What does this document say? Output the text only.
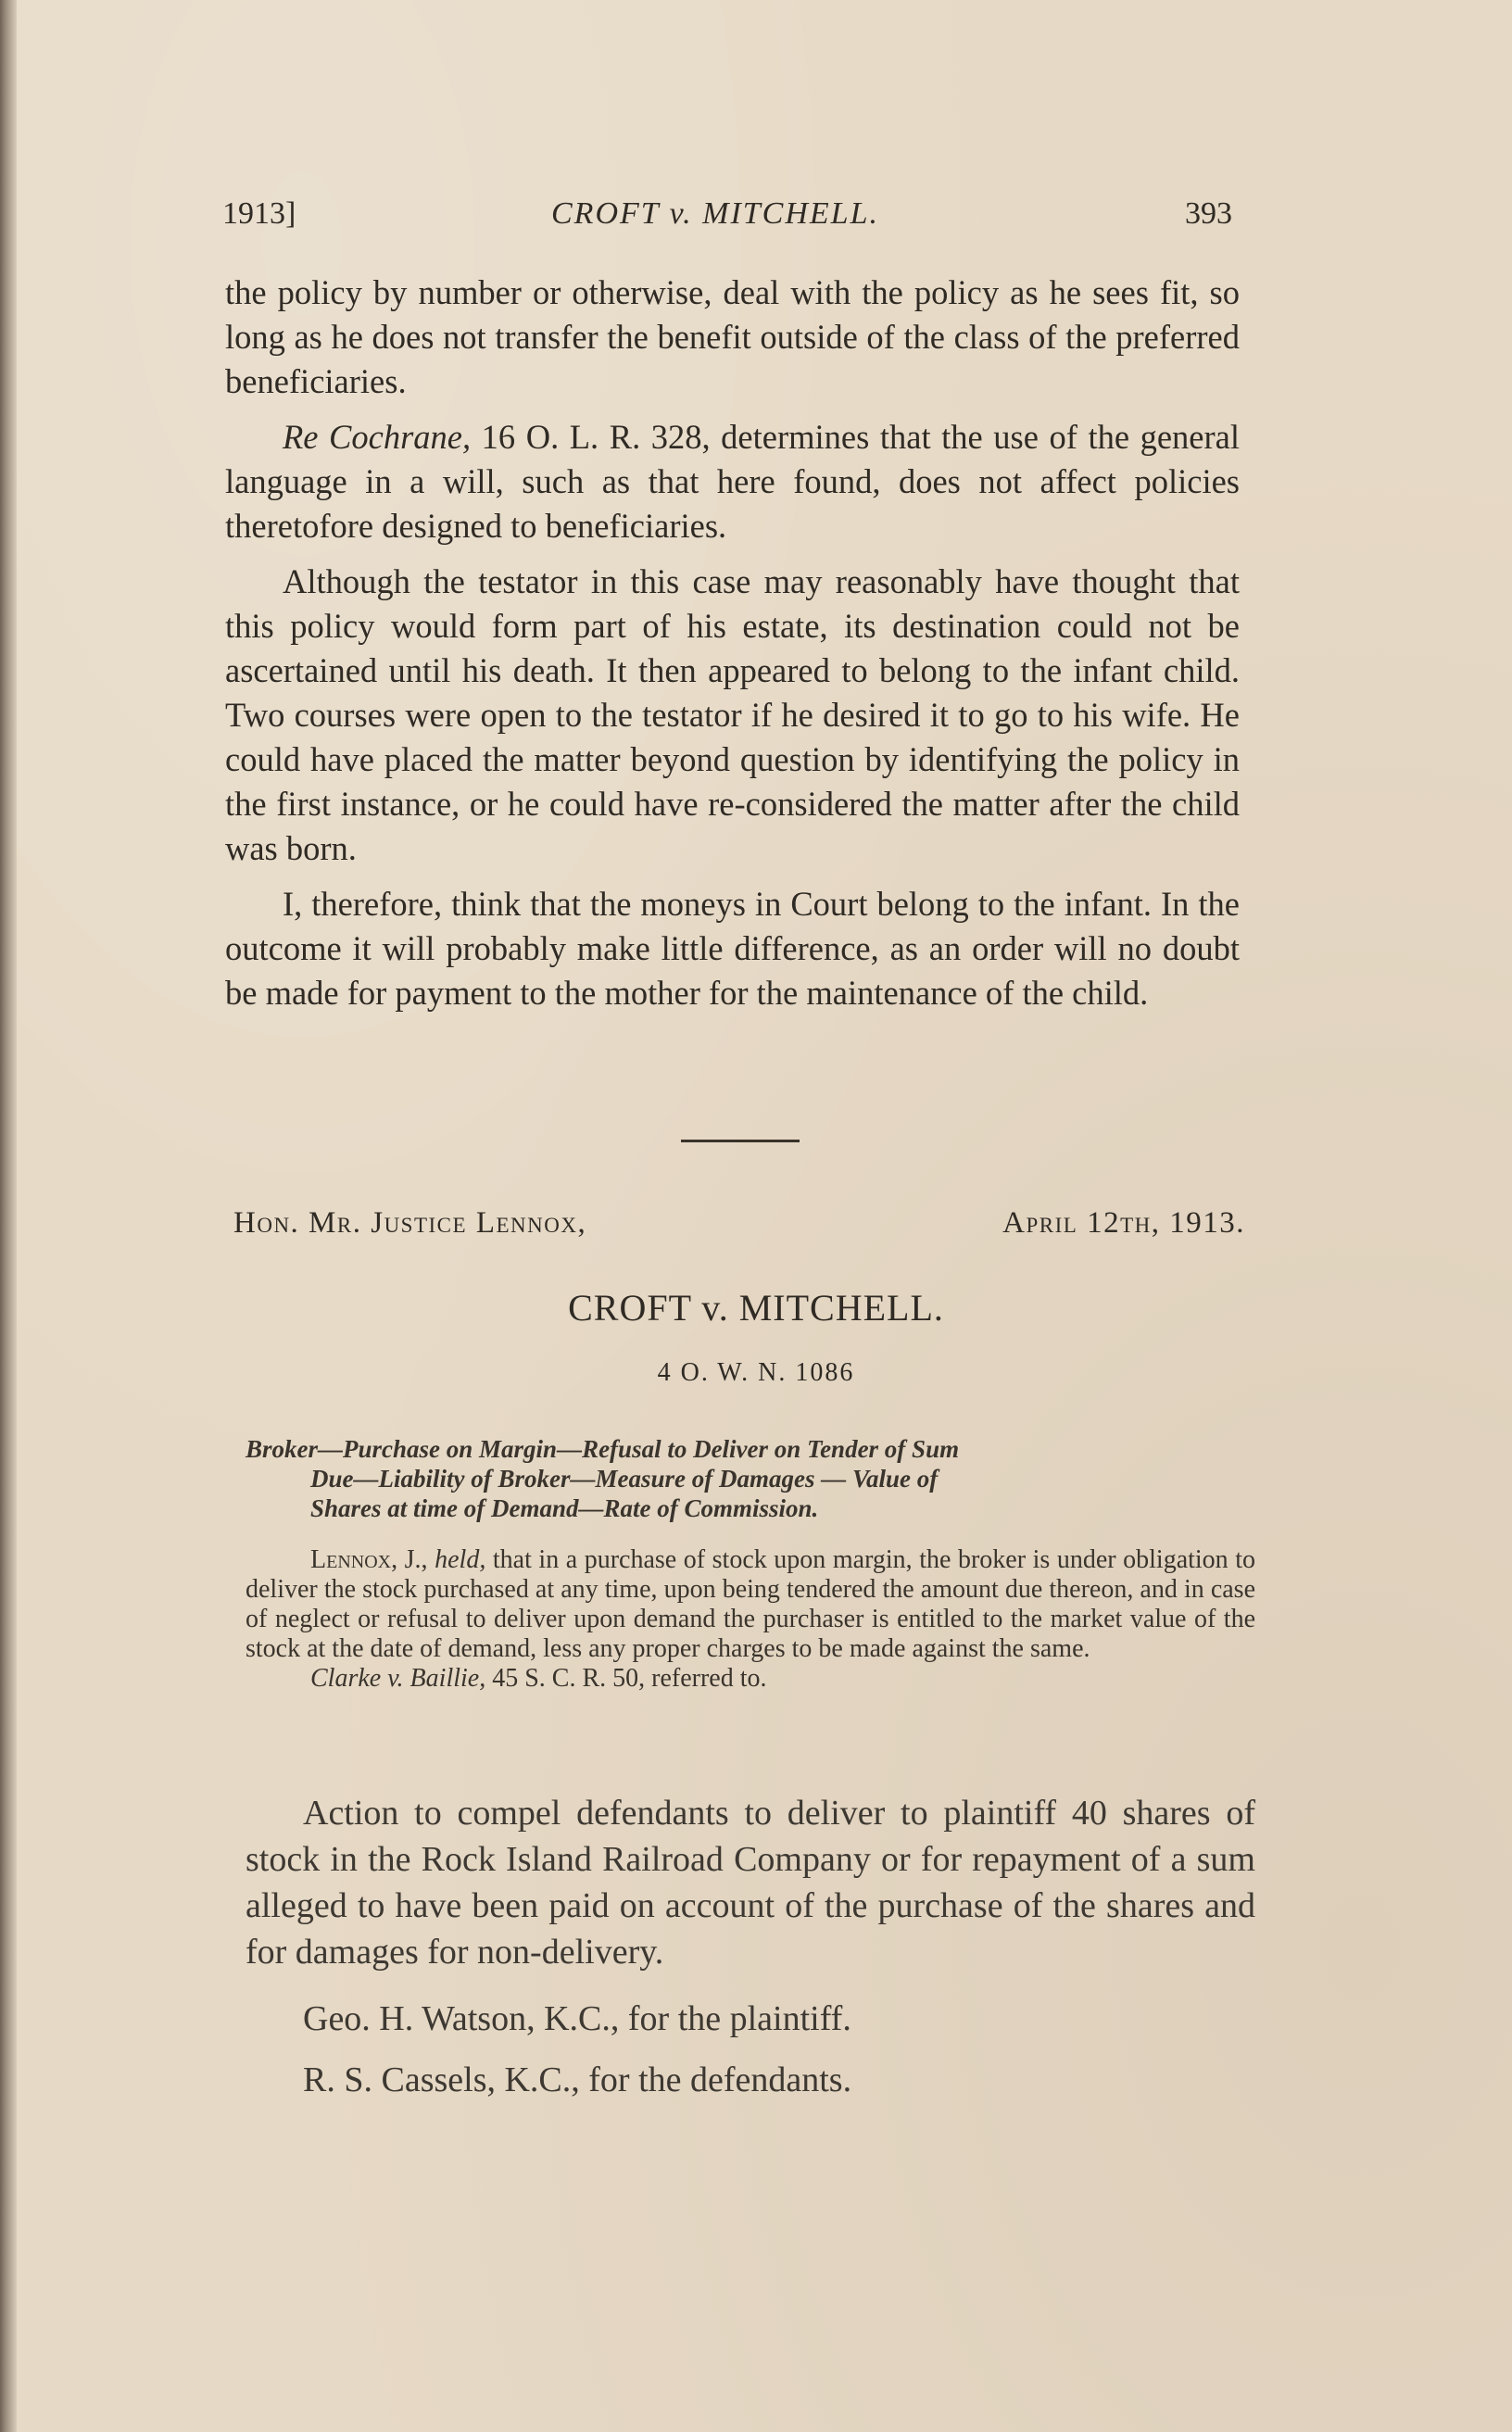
1913]	CROFT v. MITCHELL.	393

the policy by number or otherwise, deal with the policy as he sees fit, so long as he does not transfer the benefit outside of the class of the preferred beneficiaries.

Re Cochrane, 16 O. L. R. 328, determines that the use of the general language in a will, such as that here found, does not affect policies theretofore designed to beneficiaries.

Although the testator in this case may reasonably have thought that this policy would form part of his estate, its destination could not be ascertained until his death. It then appeared to belong to the infant child. Two courses were open to the testator if he desired it to go to his wife. He could have placed the matter beyond question by identifying the policy in the first instance, or he could have re-considered the matter after the child was born.

I, therefore, think that the moneys in Court belong to the infant. In the outcome it will probably make little difference, as an order will no doubt be made for payment to the mother for the maintenance of the child.

Hon. Mr. Justice Lennox,	April 12th, 1913.
CROFT v. MITCHELL.
4 O. W. N. 1086
Broker—Purchase on Margin—Refusal to Deliver on Tender of Sum
Due—Liability of Broker—Measure of Damages — Value of
Shares at time of Demand—Rate of Commission.

Lennox, J., held, that in a purchase of stock upon margin, the broker is under obligation to deliver the stock purchased at any time, upon being tendered the amount due thereon, and in case of neglect or refusal to deliver upon demand the purchaser is entitled to the market value of the stock at the date of demand, less any proper charges to be made against the same.

Clarke v. Baillie, 45 S. C. R. 50, referred to.

Action to compel defendants to deliver to plaintiff 40 shares of stock in the Rock Island Railroad Company or for repayment of a sum alleged to have been paid on account of the purchase of the shares and for damages for non-delivery.

Geo. H. Watson, K.C., for the plaintiff.

R. S. Cassels, K.C., for the defendants.
